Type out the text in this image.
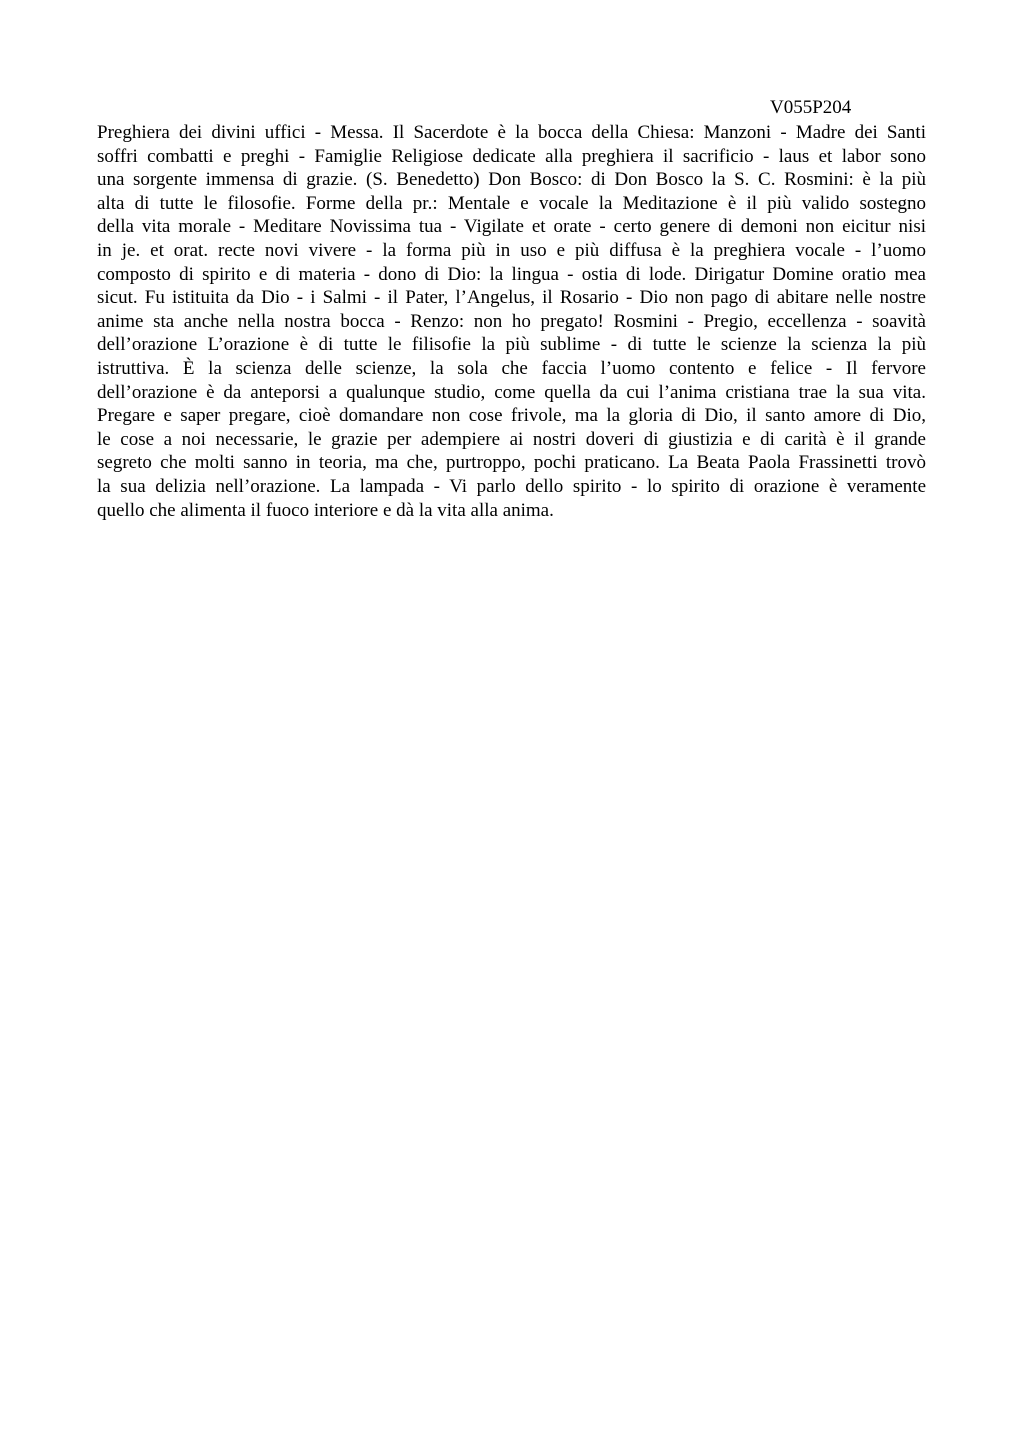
V055P204
Preghiera dei divini uffici - Messa. Il Sacerdote è la bocca della Chiesa: Manzoni - Madre dei Santi
soffri combatti e preghi - Famiglie Religiose dedicate alla preghiera il sacrificio - laus et labor sono
una sorgente immensa di grazie. (S. Benedetto) Don Bosco: di Don Bosco la S. C. Rosmini: è la più
alta di tutte le filosofie. Forme della pr.: Mentale e vocale la Meditazione è il più valido sostegno
della vita morale - Meditare Novissima tua - Vigilate et orate - certo genere di demoni non eicitur nisi
in je. et orat. recte novi vivere - la forma più in uso e più diffusa è la preghiera vocale - l’uomo
composto di spirito e di materia - dono di Dio: la lingua - ostia di lode. Dirigatur Domine oratio mea
sicut. Fu istituita da Dio - i Salmi - il Pater, l’Angelus, il Rosario - Dio non pago di abitare nelle nostre
anime sta anche nella nostra bocca - Renzo: non ho pregato! Rosmini - Pregio, eccellenza - soavità
dell’orazione L’orazione è di tutte le filisofie la più sublime - di tutte le scienze la scienza la più
istruttiva. È la scienza delle scienze, la sola che faccia l’uomo contento e felice - Il fervore
dell’orazione è da anteporsi a qualunque studio, come quella da cui l’anima cristiana trae la sua vita.
Pregare e saper pregare, cioè domandare non cose frivole, ma la gloria di Dio, il santo amore di Dio,
le cose a noi necessarie, le grazie per adempiere ai nostri doveri di giustizia e di carità è il grande
segreto che molti sanno in teoria, ma che, purtroppo, pochi praticano. La Beata Paola Frassinetti trovò
la sua delizia nell’orazione. La lampada - Vi parlo dello spirito - lo spirito di orazione è veramente
quello che alimenta il fuoco interiore e dà la vita alla anima.
